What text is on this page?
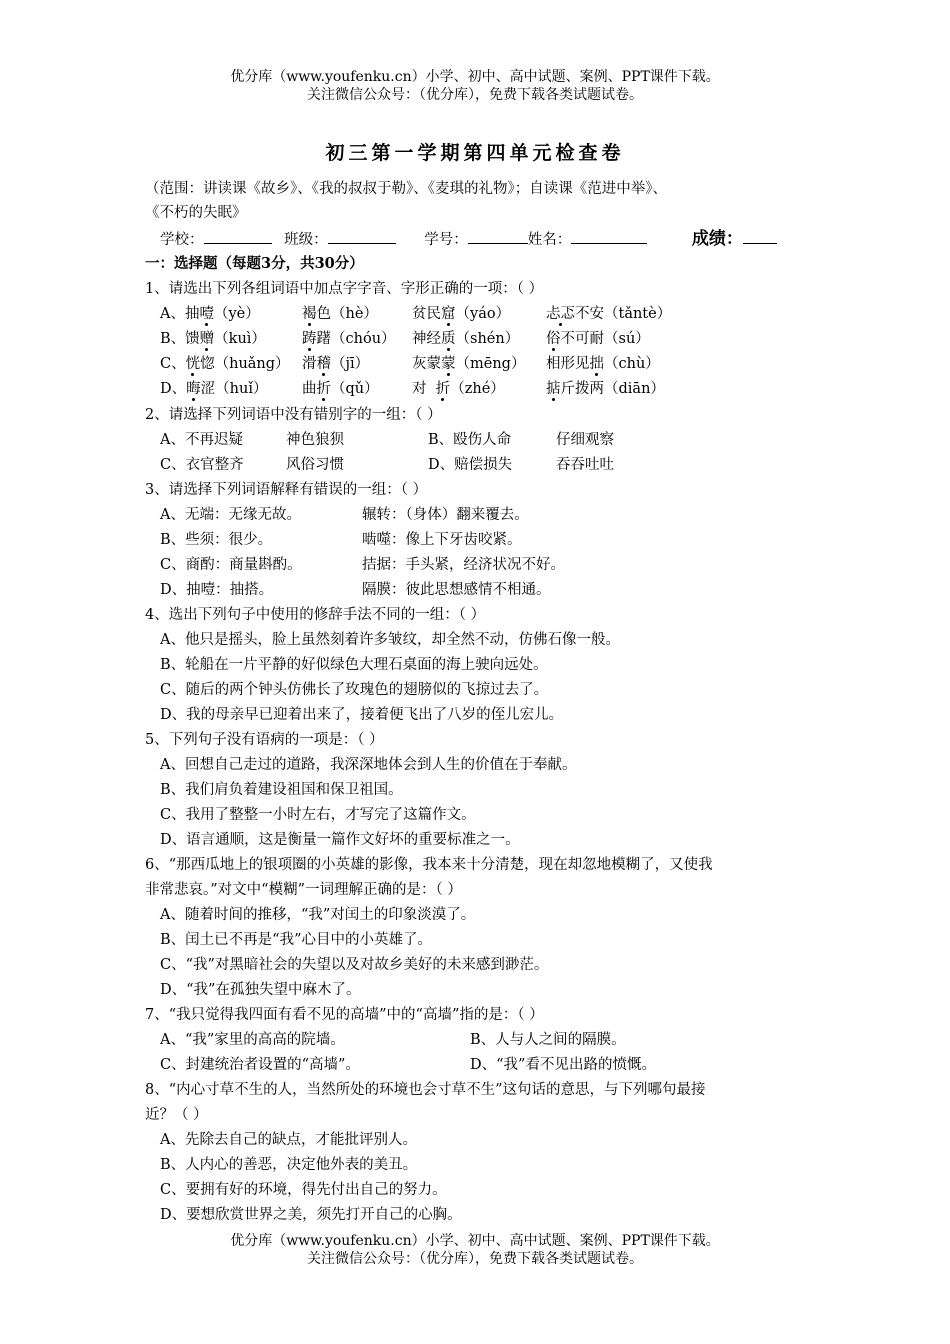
优分库（www.youfenku.cn）小学、初中、高中试题、案例、PPT课件下载。
关注微信公众号：（优分库），免费下载各类试题试卷。
初三第一学期第四单元检查卷
（范围：讲读课《故乡》、《我的叔叔于勒》、《麦琪的礼物》；自读课《范进中举》、
《不朽的失眠》
学校：	班级：	学号：	姓名：	成绩：
一：选择题（每题3分，共30分）
1、请选出下列各组词语中加点字字音、字形正确的一项：（ ）
A、抽噎（yè）	褐色（hè） 贫民窟（yáo） 忐忑不安（tǎntè）
B、馈赠（kuì） 踌躇（chóu） 神经质（shén） 俗不可耐（sú）
C、恍惚（huǎng） 滑稽（jī）	灰蒙蒙（mēng） 相形见拙（chù）
D、晦涩（huǐ） 曲折（qǔ） 对  折（zhé）	掂斤拨两（diān）
2、请选择下列词语中没有错别字的一组：（ ）
A、不再迟疑	神色狼狈	B、殴伤人命	仔细观察
C、衣官整齐	风俗习惯	D、赔偿损失	吞吞吐吐
3、请选择下列词语解释有错误的一组：（ ）
A、无端：无缘无故。	辗转：（身体）翻来覆去。
B、些须：很少。	啮噬：像上下牙齿咬紧。
C、商酌：商量斟酌。	拮据：手头紧，经济状况不好。
D、抽噎：抽搭。	隔膜：彼此思想感情不相通。
4、选出下列句子中使用的修辞手法不同的一组：（ ）
A、他只是摇头，脸上虽然刻着许多皱纹，却全然不动，仿佛石像一般。
B、轮船在一片平静的好似绿色大理石桌面的海上驶向远处。
C、随后的两个钟头仿佛长了玫瑰色的翅膀似的飞掠过去了。
D、我的母亲早已迎着出来了，接着便飞出了八岁的侄儿宏儿。
5、下列句子没有语病的一项是：（ ）
A、回想自己走过的道路，我深深地体会到人生的价值在于奉献。
B、我们肩负着建设祖国和保卫祖国。
C、我用了整整一小时左右，才写完了这篇作文。
D、语言通顺，这是衡量一篇作文好坏的重要标准之一。
6、“那西瓜地上的银项圈的小英雄的影像，我本来十分清楚，现在却忽地模糊了，又使我
非常悲哀。”对文中“模糊”一词理解正确的是：（ ）
A、随着时间的推移，“我”对闰土的印象淡漠了。
B、闰土已不再是“我”心目中的小英雄了。
C、“我”对黑暗社会的失望以及对故乡美好的未来感到渺茫。
D、“我”在孤独失望中麻木了。
7、“我只觉得我四面有看不见的高墙”中的“高墙”指的是：（ ）
A、“我”家里的高高的院墙。	B、人与人之间的隔膜。
C、封建统治者设置的“高墙”。	D、“我”看不见出路的愤慨。
8、“内心寸草不生的人，当然所处的环境也会寸草不生”这句话的意思，与下列哪句最接
近？（ ）
A、先除去自己的缺点，才能批评别人。
B、人内心的善恶，决定他外表的美丑。
C、要拥有好的环境，得先付出自己的努力。
D、要想欣赏世界之美，须先打开自己的心胸。
优分库（www.youfenku.cn）小学、初中、高中试题、案例、PPT课件下载。
关注微信公众号：（优分库），免费下载各类试题试卷。
